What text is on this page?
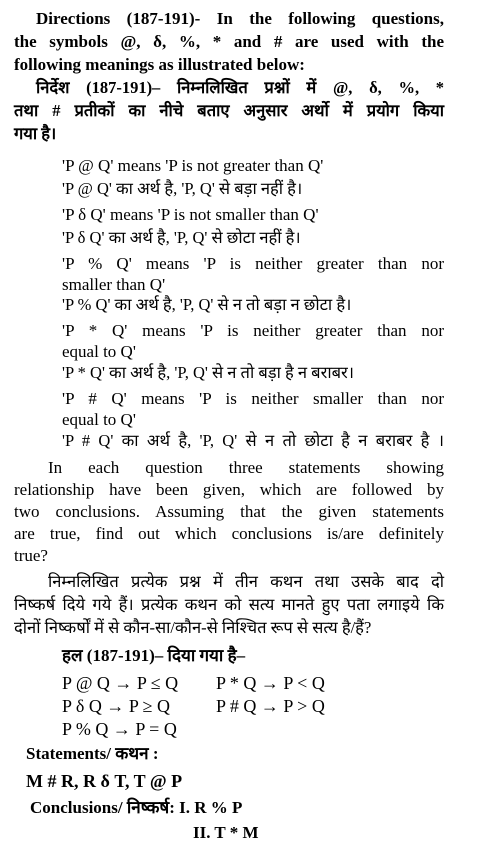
Directions (187-191)- In the following questions,
the symbols @, δ, %, * and # are used with the
following meanings as illustrated below:
निर्देश (187-191)– निम्नलिखित प्रश्नों में @, δ, %, *
तथा # प्रतीकों का नीचे बताए अनुसार अर्थो में प्रयोग किया
गया है।
'P @ Q' means 'P is not greater than Q'
'P @ Q' का अर्थ है, 'P, Q' से बड़ा नहीं है।
'P δ Q' means 'P is not smaller than Q'
'P δ Q' का अर्थ है, 'P, Q' से छोटा नहीं है।
'P % Q' means 'P is neither greater than nor
smaller than Q'
'P % Q' का अर्थ है, 'P, Q' से न तो बड़ा न छोटा है।
'P * Q' means 'P is neither greater than nor
equal to Q'
'P * Q' का अर्थ है, 'P, Q' से न तो बड़ा है न बराबर।
'P # Q' means 'P is neither smaller than nor
equal to Q'
'P # Q' का अर्थ है, 'P, Q' से न तो छोटा है न बराबर है ।
In each question three statements showing
relationship have been given, which are followed by
two conclusions. Assuming that the given statements
are true, find out which conclusions is/are definitely
true?
निम्नलिखित प्रत्येक प्रश्न में तीन कथन तथा उसके बाद दो
निष्कर्ष दिये गये हैं। प्रत्येक कथन को सत्य मानते हुए पता लगाइये कि
दोनों निष्कर्षों में से कौन-सा/कौन-से निश्चित रूप से सत्य है/हैं?
हल (187-191)– दिया गया है–
P @ Q → P ≤ Q P * Q → P < Q
P δ Q → P ≥ Q	P # Q → P > Q
P % Q → P = Q
Statements/ कथन :
M # R, R δ T, T @ P
Conclusions/ निष्कर्ष: I. R % P
II. T * M
